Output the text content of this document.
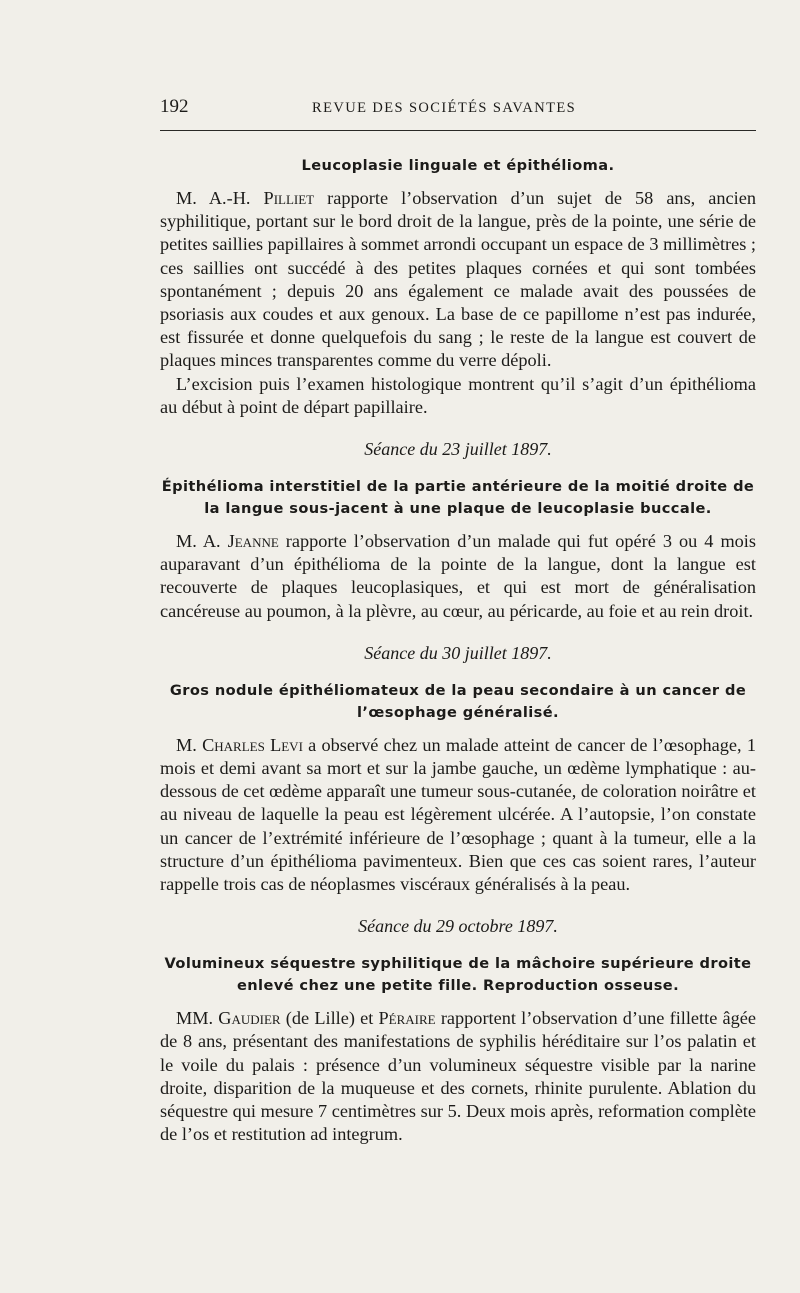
192	REVUE DES SOCIÉTÉS SAVANTES
Leucoplasie linguale et épithélioma.

M. A.-H. Pilliet rapporte l’observation d’un sujet de 58 ans, ancien syphilitique, portant sur le bord droit de la langue, près de la pointe, une série de petites saillies papillaires à sommet arrondi occupant un espace de 3 millimètres ; ces saillies ont succédé à des petites plaques cornées et qui sont tombées spontanément ; depuis 20 ans également ce malade avait des poussées de psoriasis aux coudes et aux genoux. La base de ce papillome n’est pas indurée, est fissurée et donne quelquefois du sang ; le reste de la langue est couvert de plaques minces transparentes comme du verre dépoli.

L’excision puis l’examen histologique montrent qu’il s’agit d’un épithélioma au début à point de départ papillaire.

Séance du 23 juillet 1897.
Épithélioma interstitiel de la partie antérieure de la moitié droite de la langue sous-jacent à une plaque de leucoplasie buccale.

M. A. Jeanne rapporte l’observation d’un malade qui fut opéré 3 ou 4 mois auparavant d’un épithélioma de la pointe de la langue, dont la langue est recouverte de plaques leucoplasiques, et qui est mort de généralisation cancéreuse au poumon, à la plèvre, au cœur, au péricarde, au foie et au rein droit.

Séance du 30 juillet 1897.
Gros nodule épithéliomateux de la peau secondaire à un cancer de l’œsophage généralisé.

M. Charles Levi a observé chez un malade atteint de cancer de l’œsophage, 1 mois et demi avant sa mort et sur la jambe gauche, un œdème lymphatique : au-dessous de cet œdème apparaît une tumeur sous-cutanée, de coloration noirâtre et au niveau de laquelle la peau est légèrement ulcérée. A l’autopsie, l’on constate un cancer de l’extrémité inférieure de l’œsophage ; quant à la tumeur, elle a la structure d’un épithélioma pavimenteux. Bien que ces cas soient rares, l’auteur rappelle trois cas de néoplasmes viscéraux généralisés à la peau.

Séance du 29 octobre 1897.
Volumineux séquestre syphilitique de la mâchoire supérieure droite enlevé chez une petite fille. Reproduction osseuse.

MM. Gaudier (de Lille) et Péraire rapportent l’observation d’une fillette âgée de 8 ans, présentant des manifestations de syphilis héréditaire sur l’os palatin et le voile du palais : présence d’un volumineux séquestre visible par la narine droite, disparition de la muqueuse et des cornets, rhinite purulente. Ablation du séquestre qui mesure 7 centimètres sur 5. Deux mois après, reformation complète de l’os et restitution ad integrum.
